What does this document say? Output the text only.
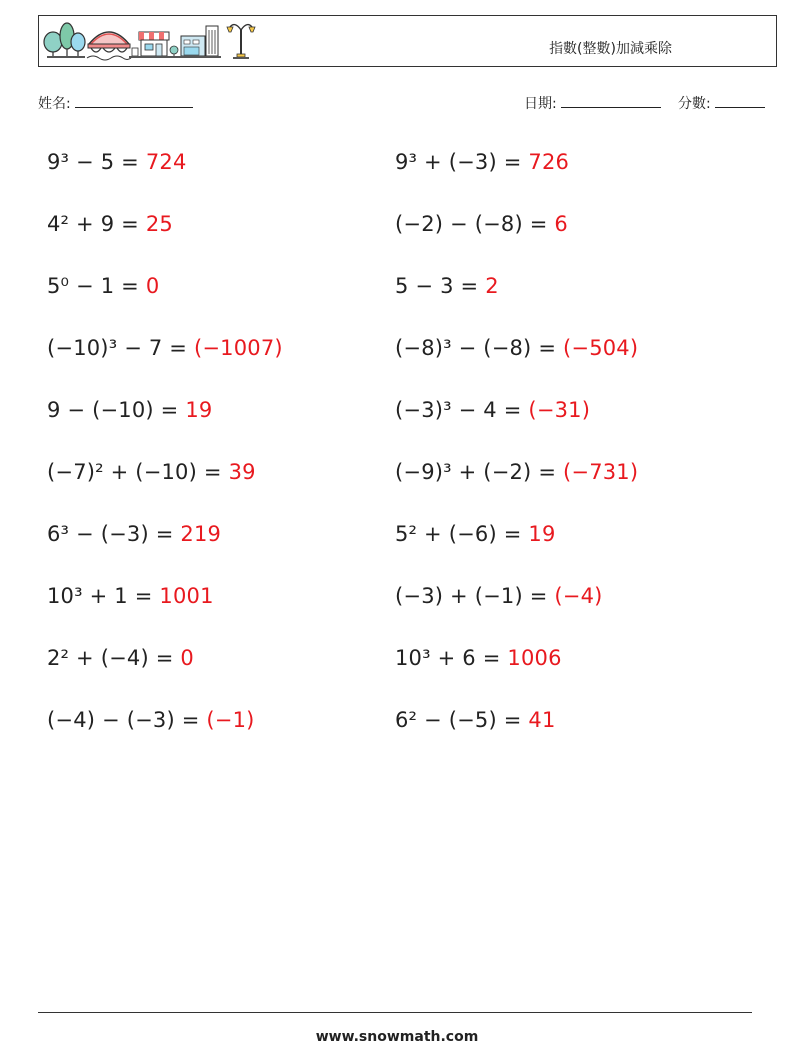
指數(整數)加減乘除
姓名:	日期:	分數:
9³ − 5 = 724
4² + 9 = 25
5⁰ − 1 = 0
(−10)³ − 7 = (−1007)
9 − (−10) = 19
(−7)² + (−10) = 39
6³ − (−3) = 219
10³ + 1 = 1001
2² + (−4) = 0
(−4) − (−3) = (−1)
9³ + (−3) = 726
(−2) − (−8) = 6
5 − 3 = 2
(−8)³ − (−8) = (−504)
(−3)³ − 4 = (−31)
(−9)³ + (−2) = (−731)
5² + (−6) = 19
(−3) + (−1) = (−4)
10³ + 6 = 1006
6² − (−5) = 41
www.snowmath.com
